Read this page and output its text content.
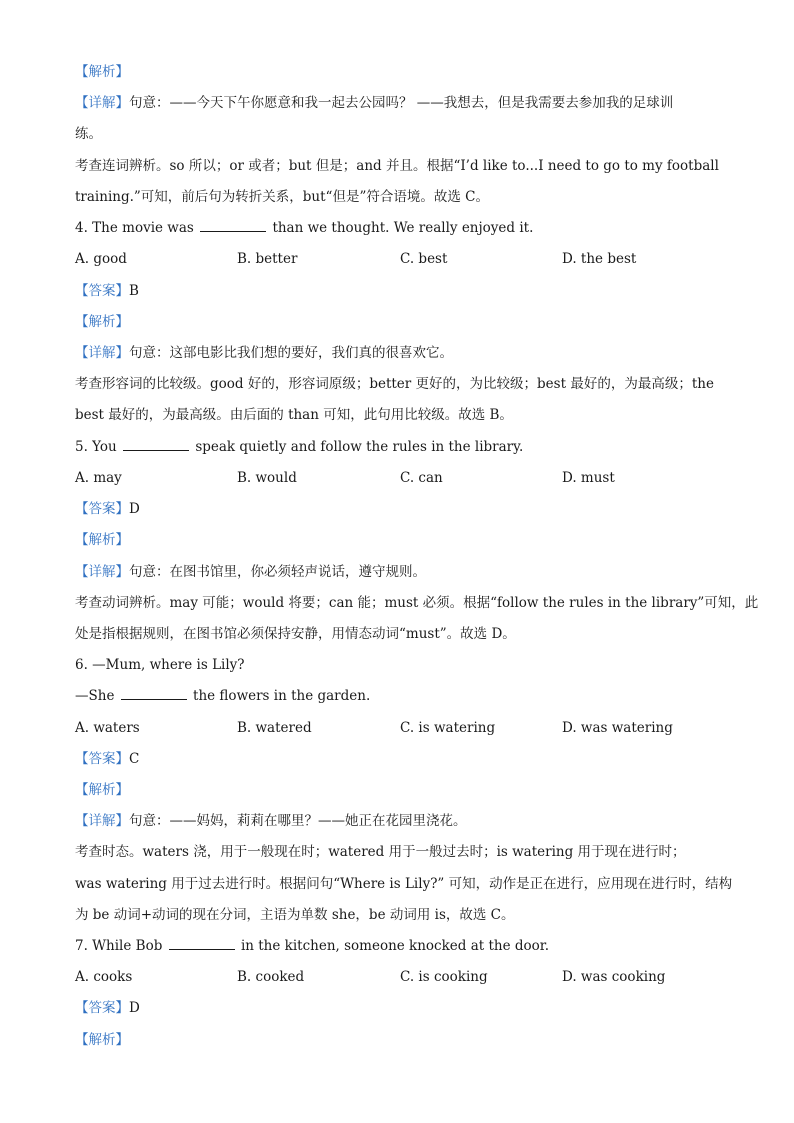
【解析】
【详解】句意：——今天下午你愿意和我一起去公园吗？ ——我想去，但是我需要去参加我的足球训
练。
考查连词辨析。so 所以；or 或者；but 但是；and 并且。根据“I’d like to...I need to go to my football
training.”可知，前后句为转折关系，but“但是”符合语境。故选 C。
4. The movie was	than we thought. We really enjoyed it.
A. good	B. better	C. best	D. the best
【答案】B
【解析】
【详解】句意：这部电影比我们想的要好，我们真的很喜欢它。
考查形容词的比较级。good 好的，形容词原级；better 更好的，为比较级；best 最好的，为最高级；the
best 最好的，为最高级。由后面的 than 可知，此句用比较级。故选 B。
5. You	speak quietly and follow the rules in the library.
A. may	B. would	C. can	D. must
【答案】D
【解析】
【详解】句意：在图书馆里，你必须轻声说话，遵守规则。
考查动词辨析。may 可能；would 将要；can 能；must 必须。根据“follow the rules in the library”可知，此
处是指根据规则，在图书馆必须保持安静，用情态动词“must”。故选 D。
6. —Mum, where is Lily?
—She	the flowers in the garden.
A. waters	B. watered	C. is watering	D. was watering
【答案】C
【解析】
【详解】句意：——妈妈，莉莉在哪里？——她正在花园里浇花。
考查时态。waters 浇，用于一般现在时；watered 用于一般过去时；is watering 用于现在进行时；
was watering 用于过去进行时。根据问句“Where is Lily?” 可知，动作是正在进行，应用现在进行时，结构
为 be 动词+动词的现在分词，主语为单数 she，be 动词用 is，故选 C。
7. While Bob	in the kitchen, someone knocked at the door.
A. cooks	B. cooked	C. is cooking	D. was cooking
【答案】D
【解析】
